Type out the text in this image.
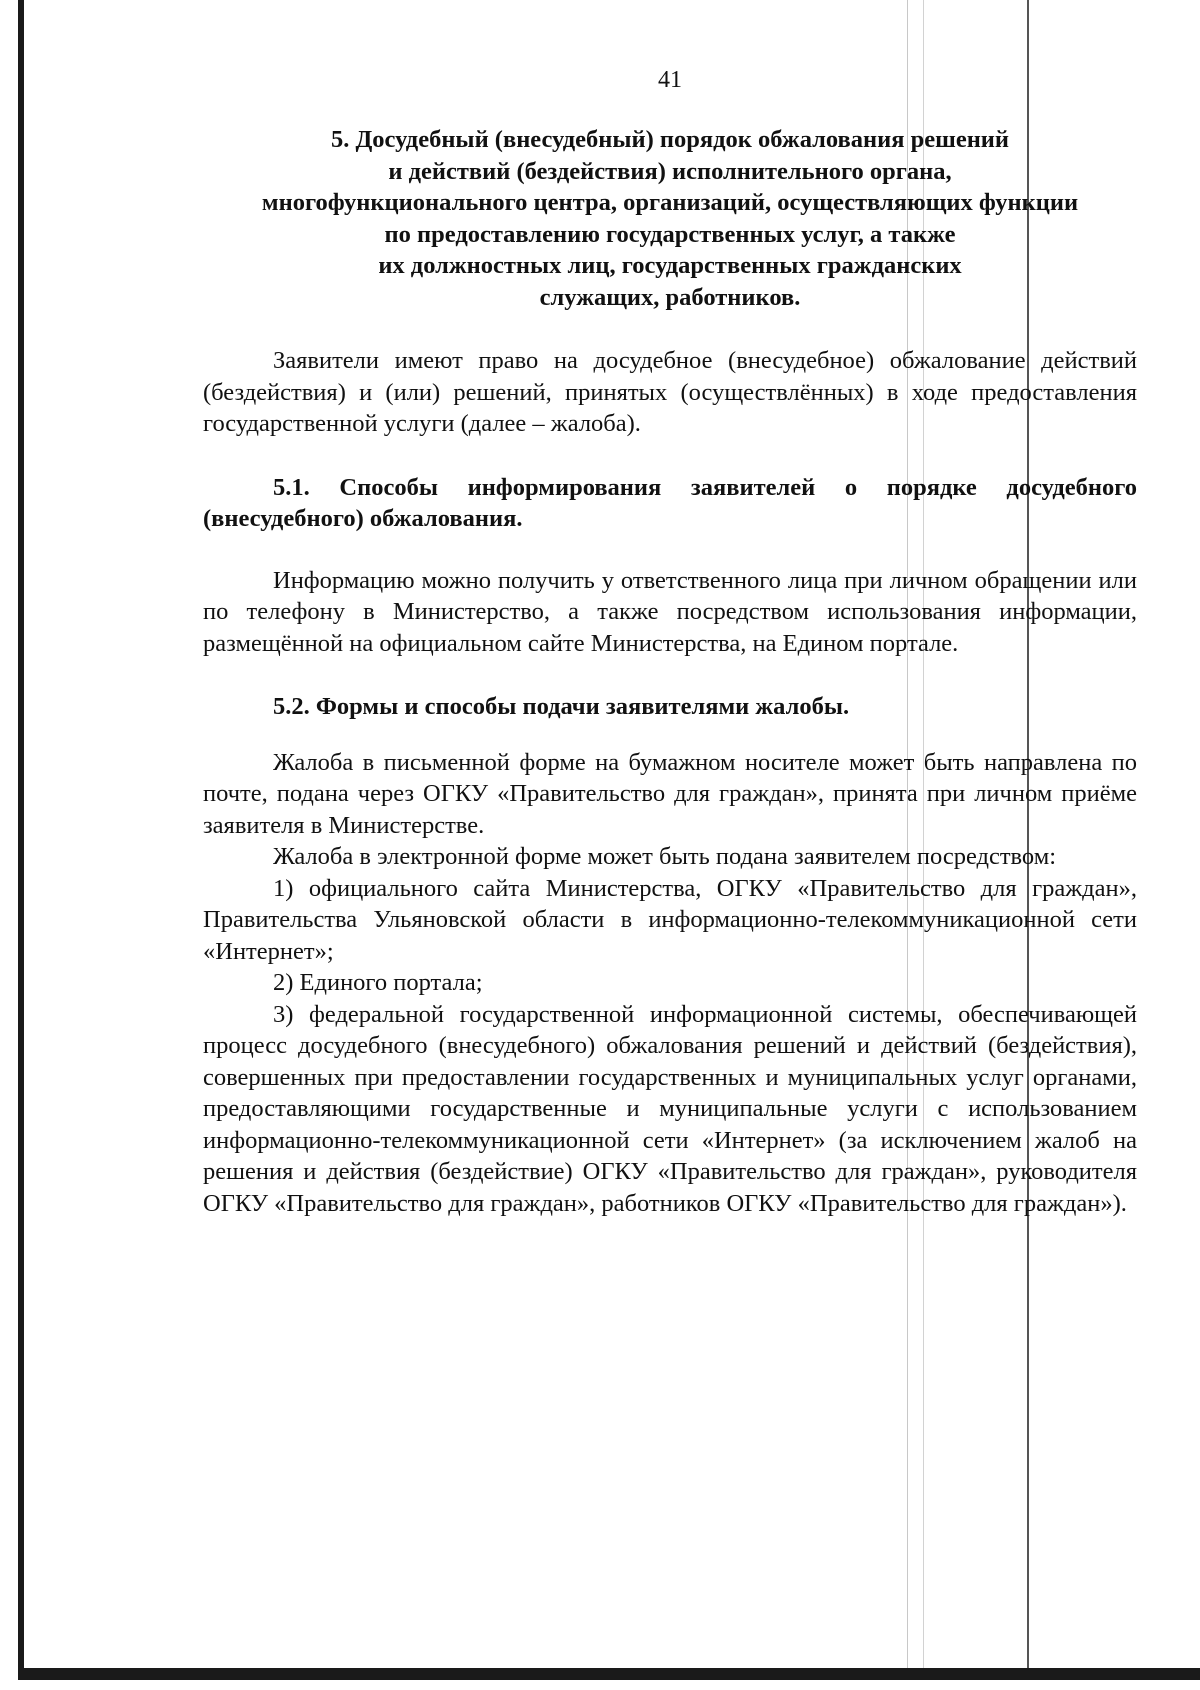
41
5. Досудебный (внесудебный) порядок обжалования решений
и действий (бездействия) исполнительного органа,
многофункционального центра, организаций, осуществляющих функции
по предоставлению государственных услуг, а также
их должностных лиц, государственных гражданских
служащих, работников.

Заявители имеют право на досудебное (внесудебное) обжалование действий (бездействия) и (или) решений, принятых (осуществлённых) в ходе предоставления государственной услуги (далее – жалоба).

5.1. Способы информирования заявителей о порядке досудебного (внесудебного) обжалования.

Информацию можно получить у ответственного лица при личном обращении или по телефону в Министерство, а также посредством использования информации, размещённой на официальном сайте Министерства, на Едином портале.

5.2. Формы и способы подачи заявителями жалобы.

Жалоба в письменной форме на бумажном носителе может быть направлена по почте, подана через ОГКУ «Правительство для граждан», принята при личном приёме заявителя в Министерстве.

Жалоба в электронной форме может быть подана заявителем посредством:

1) официального сайта Министерства, ОГКУ «Правительство для граждан», Правительства Ульяновской области в информационно-телекоммуникационной сети «Интернет»;

2) Единого портала;

3) федеральной государственной информационной системы, обеспечивающей процесс досудебного (внесудебного) обжалования решений и действий (бездействия), совершенных при предоставлении государственных и муниципальных услуг органами, предоставляющими государственные и муниципальные услуги с использованием информационно-телекоммуникационной сети «Интернет» (за исключением жалоб на решения и действия (бездействие) ОГКУ «Правительство для граждан», руководителя ОГКУ «Правительство для граждан», работников ОГКУ «Правительство для граждан»).
